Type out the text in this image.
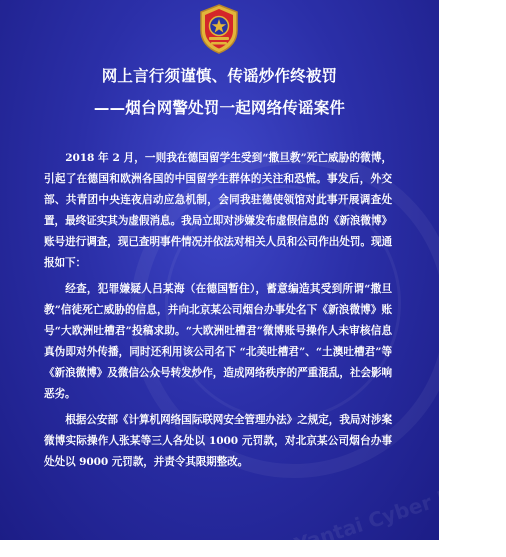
Yantai Cyber Police
网上言行须谨慎、传谣炒作终被罚
——烟台网警处罚一起网络传谣案件

2018 年 2 月，一则我在德国留学生受到“撒旦教”死亡威胁的微博，引起了在德国和欧洲各国的中国留学生群体的关注和恐慌。事发后，外交部、共青团中央连夜启动应急机制，会同我驻德使领馆对此事开展调查处置，最终证实其为虚假消息。我局立即对涉嫌发布虚假信息的《新浪微博》账号进行调查，现已查明事件情况并依法对相关人员和公司作出处罚。现通报如下：

经查，犯罪嫌疑人吕某海（在德国暂住），蓄意编造其受到所谓“撒旦教”信徒死亡威胁的信息，并向北京某公司烟台办事处名下《新浪微博》账号“大欧洲吐槽君”投稿求助。“大欧洲吐槽君”微博账号操作人未审核信息真伪即对外传播，同时还利用该公司名下 “北美吐槽君”、“土澳吐槽君”等《新浪微博》及微信公众号转发炒作，造成网络秩序的严重混乱，社会影响恶劣。

根据公安部《计算机网络国际联网安全管理办法》之规定，我局对涉案微博实际操作人张某等三人各处以 1000 元罚款，对北京某公司烟台办事处处以 9000 元罚款，并责令其限期整改。
